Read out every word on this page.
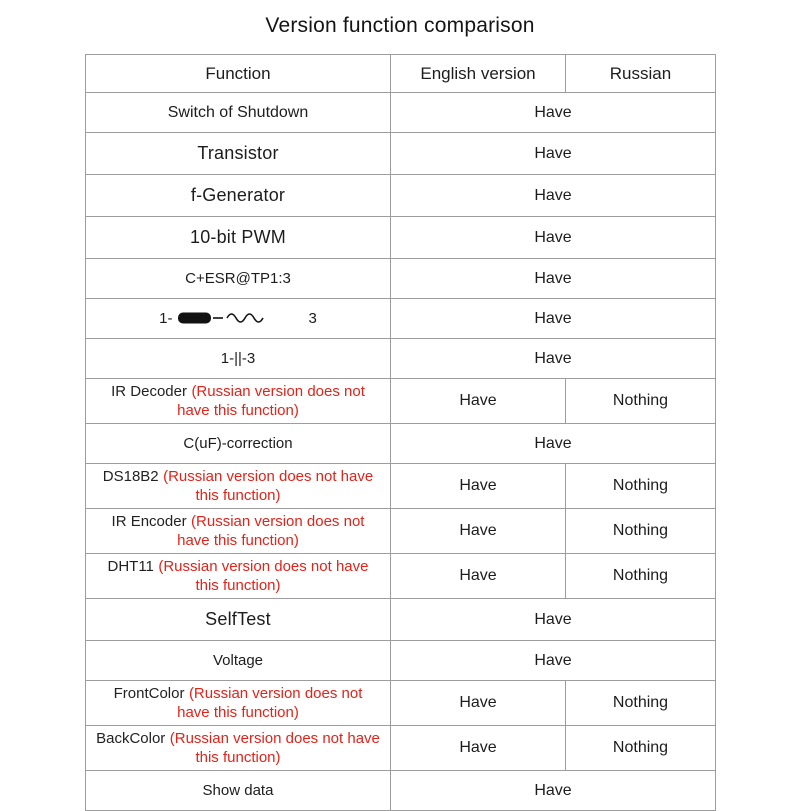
Version function comparison
Function	English version	Russian
Switch of Shutdown	Have	
Transistor	Have	
f-Generator	Have	
10-bit PWM	Have	
C+ESR@TP1:3	Have	

1- 3	Have	
1-||-3	Have	
IR Decoder (Russian version does not have this function)	Have	Nothing
C(uF)-correction	Have	
DS18B2 (Russian version does not have this function)	Have	Nothing
IR Encoder (Russian version does not have this function)	Have	Nothing
DHT11 (Russian version does not have this function)	Have	Nothing
SelfTest	Have	
Voltage	Have	
FrontColor (Russian version does not have this function)	Have	Nothing
BackColor (Russian version does not have this function)	Have	Nothing
Show data	Have	
